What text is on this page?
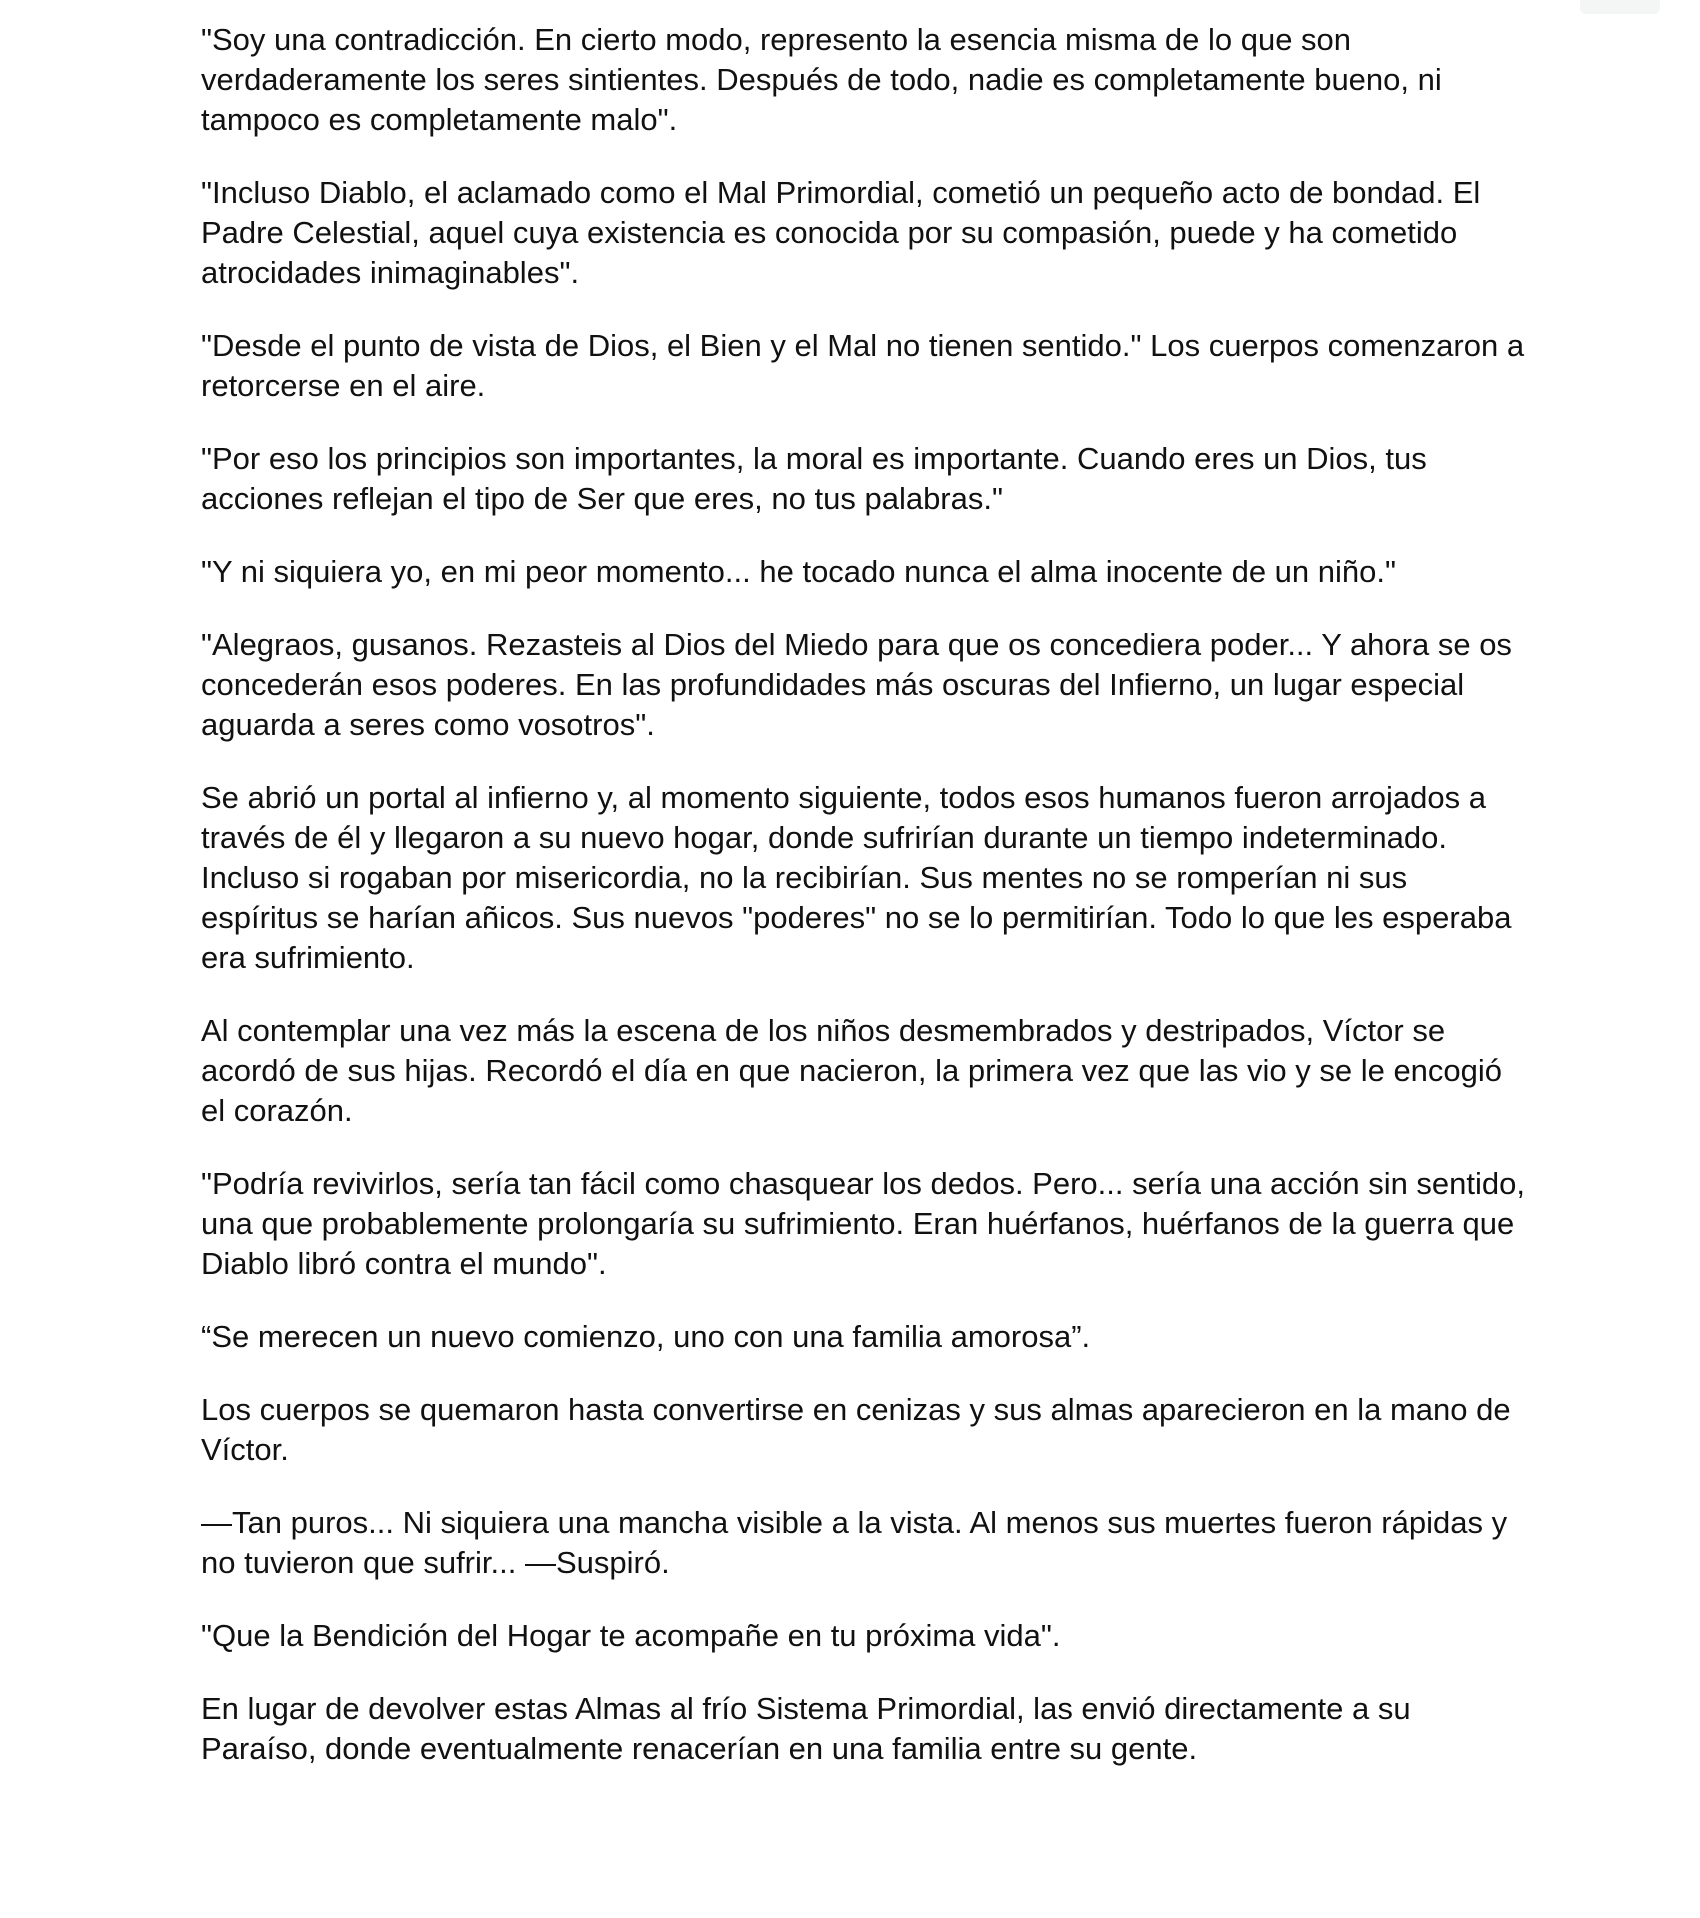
"Soy una contradicción. En cierto modo, represento la esencia misma de lo que son verdaderamente los seres sintientes. Después de todo, nadie es completamente bueno, ni tampoco es completamente malo".

"Incluso Diablo, el aclamado como el Mal Primordial, cometió un pequeño acto de bondad. El Padre Celestial, aquel cuya existencia es conocida por su compasión, puede y ha cometido atrocidades inimaginables".

"Desde el punto de vista de Dios, el Bien y el Mal no tienen sentido." Los cuerpos comenzaron a retorcerse en el aire.

"Por eso los principios son importantes, la moral es importante. Cuando eres un Dios, tus acciones reflejan el tipo de Ser que eres, no tus palabras."

"Y ni siquiera yo, en mi peor momento... he tocado nunca el alma inocente de un niño."

"Alegraos, gusanos. Rezasteis al Dios del Miedo para que os concediera poder... Y ahora se os concederán esos poderes. En las profundidades más oscuras del Infierno, un lugar especial aguarda a seres como vosotros".

Se abrió un portal al infierno y, al momento siguiente, todos esos humanos fueron arrojados a través de él y llegaron a su nuevo hogar, donde sufrirían durante un tiempo indeterminado. Incluso si rogaban por misericordia, no la recibirían. Sus mentes no se romperían ni sus espíritus se harían añicos. Sus nuevos "poderes" no se lo permitirían. Todo lo que les esperaba era sufrimiento.

Al contemplar una vez más la escena de los niños desmembrados y destripados, Víctor se acordó de sus hijas. Recordó el día en que nacieron, la primera vez que las vio y se le encogió el corazón.

"Podría revivirlos, sería tan fácil como chasquear los dedos. Pero... sería una acción sin sentido, una que probablemente prolongaría su sufrimiento. Eran huérfanos, huérfanos de la guerra que Diablo libró contra el mundo".

“Se merecen un nuevo comienzo, uno con una familia amorosa”.

Los cuerpos se quemaron hasta convertirse en cenizas y sus almas aparecieron en la mano de Víctor.

—Tan puros... Ni siquiera una mancha visible a la vista. Al menos sus muertes fueron rápidas y no tuvieron que sufrir... —Suspiró.

"Que la Bendición del Hogar te acompañe en tu próxima vida".

En lugar de devolver estas Almas al frío Sistema Primordial, las envió directamente a su Paraíso, donde eventualmente renacerían en una familia entre su gente.
